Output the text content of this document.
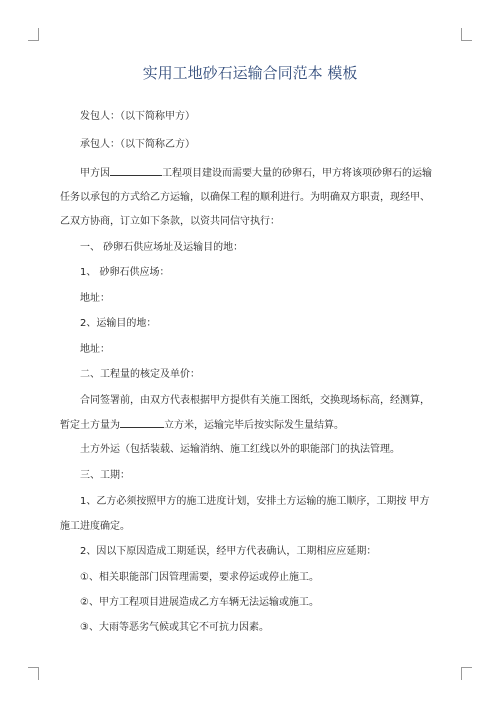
实用工地砂石运输合同范本 模板
发包人：（以下简称甲方）
承包人：（以下简称乙方）
甲方因	工程项目建设而需要大量的砂卵石，甲方将该项砂卵石的运输
任务以承包的方式给乙方运输，以确保工程的顺利进行。为明确双方职责，现经甲、
乙双方协商，订立如下条款，以资共同信守执行：
一、 砂卵石供应场址及运输目的地：
1、 砂卵石供应场：
地址：
2、运输目的地：
地址：
二、工程量的核定及单价：
合同签署前，由双方代表根据甲方提供有关施工图纸，交换现场标高，经测算，
暂定土方量为	立方米，运输完毕后按实际发生量结算。
土方外运（包括装载、运输消纳、施工红线以外的职能部门的执法管理。
三、工期：
1、乙方必须按照甲方的施工进度计划，安排土方运输的施工顺序，工期按 甲方
施工进度确定。
2、因以下原因造成工期延误，经甲方代表确认，工期相应应延期：
①、相关职能部门因管理需要，要求停运或停止施工。
②、甲方工程项目进展造成乙方车辆无法运输或施工。
③、大雨等恶劣气候或其它不可抗力因素。
